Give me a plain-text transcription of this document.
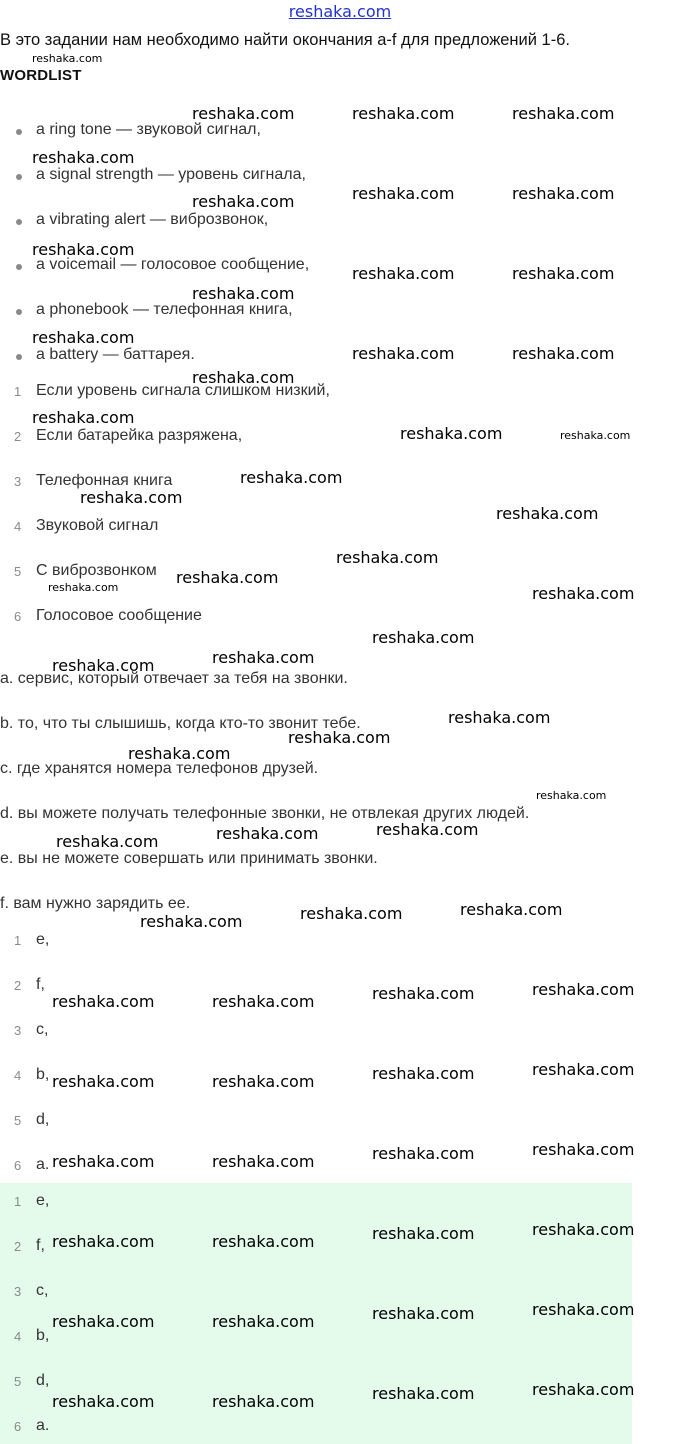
reshaka.com
В это задании нам необходимо найти окончания a-f для предложений 1-6.
WORDLIST
a ring tone — звуковой сигнал,
a signal strength — уровень сигнала,
a vibrating alert — виброзвонок,
a voicemail — голосовое сообщение,
a phonebook — телефонная книга,
a battery — баттарея.
1 Если уровень сигнала слишком низкий,
2 Если батарейка разряжена,
3 Телефонная книга
4 Звуковой сигнал
5 С виброзвонком
6 Голосовое сообщение
a. сервис, который отвечает за тебя на звонки.
b. то, что ты слышишь, когда кто-то звонит тебе.
c. где хранятся номера телефонов друзей.
d. вы можете получать телефонные звонки, не отвлекая других людей.
e. вы не можете совершать или принимать звонки.
f. вам нужно зарядить ее.
1 e,
2 f,
3 c,
4 b,
5 d,
6 a.
1 e,
2 f,
3 c,
4 b,
5 d,
6 a.
reshaka.com
reshaka.com	reshaka.com	reshaka.com
reshaka.com
reshaka.com	reshaka.com	reshaka.com
reshaka.com
reshaka.com	reshaka.com
reshaka.com
reshaka.com
reshaka.com	reshaka.com
reshaka.com
reshaka.com
reshaka.com	reshaka.com
reshaka.com
reshaka.com
reshaka.com
reshaka.com
reshaka.com
reshaka.com	reshaka.com
reshaka.com
reshaka.com
reshaka.com
reshaka.com
reshaka.com
reshaka.com
reshaka.com
reshaka.com
reshaka.com
reshaka.com
reshaka.com
reshaka.com
reshaka.com
reshaka.com
reshaka.com
reshaka.com
reshaka.com
reshaka.com
reshaka.com
reshaka.com
reshaka.com
reshaka.com
reshaka.com
reshaka.com
reshaka.com
reshaka.com
reshaka.com
reshaka.com
reshaka.com
reshaka.com
reshaka.com
reshaka.com
reshaka.com
reshaka.com
reshaka.com
reshaka.com
reshaka.com
